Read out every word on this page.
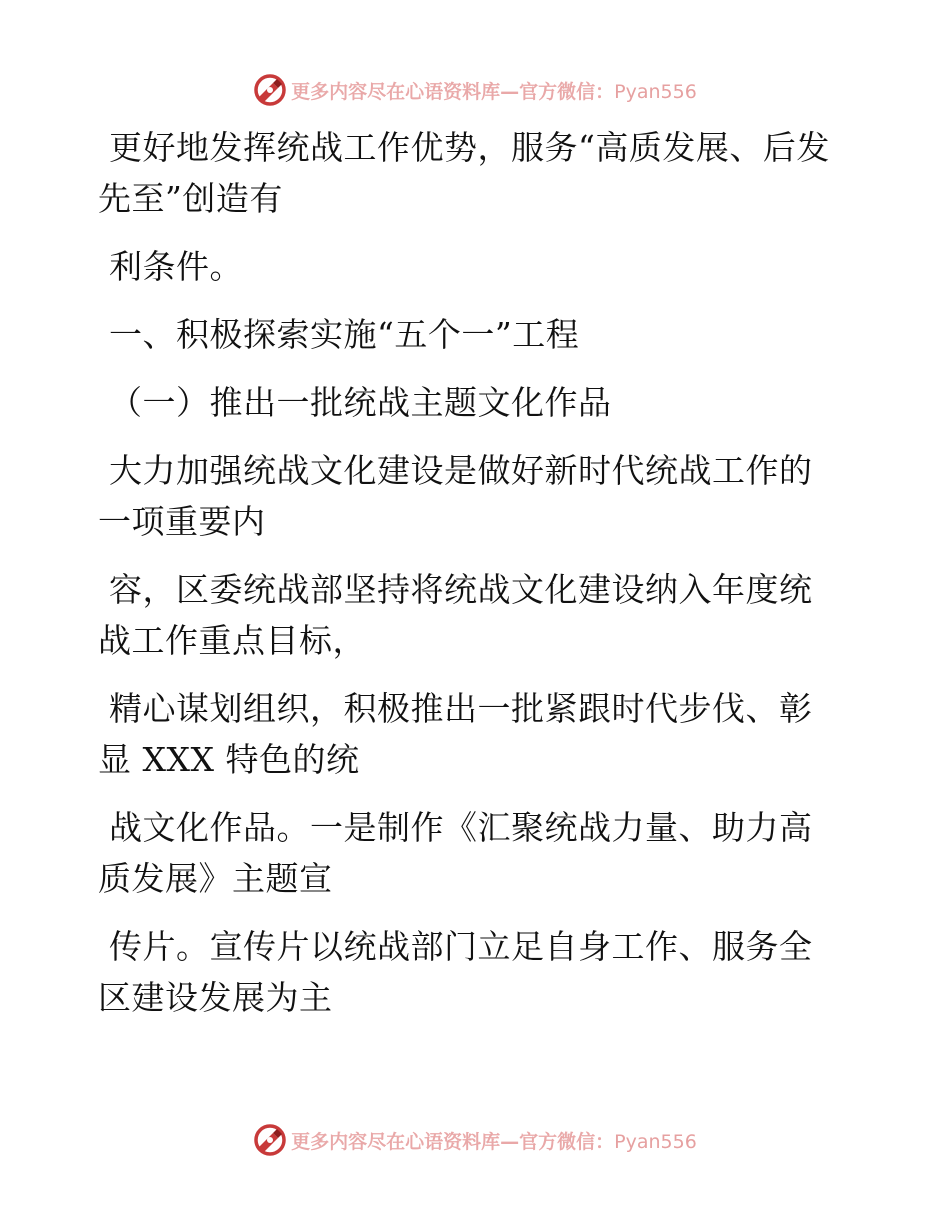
更多内容尽在心语资料库—官方微信：Pyan556

更好地发挥统战工作优势，服务“高质发展、后发先至”创造有

利条件。

一、积极探索实施“五个一”工程

（一）推出一批统战主题文化作品

大力加强统战文化建设是做好新时代统战工作的一项重要内

容，区委统战部坚持将统战文化建设纳入年度统战工作重点目标，

精心谋划组织，积极推出一批紧跟时代步伐、彰显 XXX 特色的统

战文化作品。一是制作《汇聚统战力量、助力高质发展》主题宣

传片。宣传片以统战部门立足自身工作、服务全区建设发展为主

更多内容尽在心语资料库—官方微信：Pyan556
